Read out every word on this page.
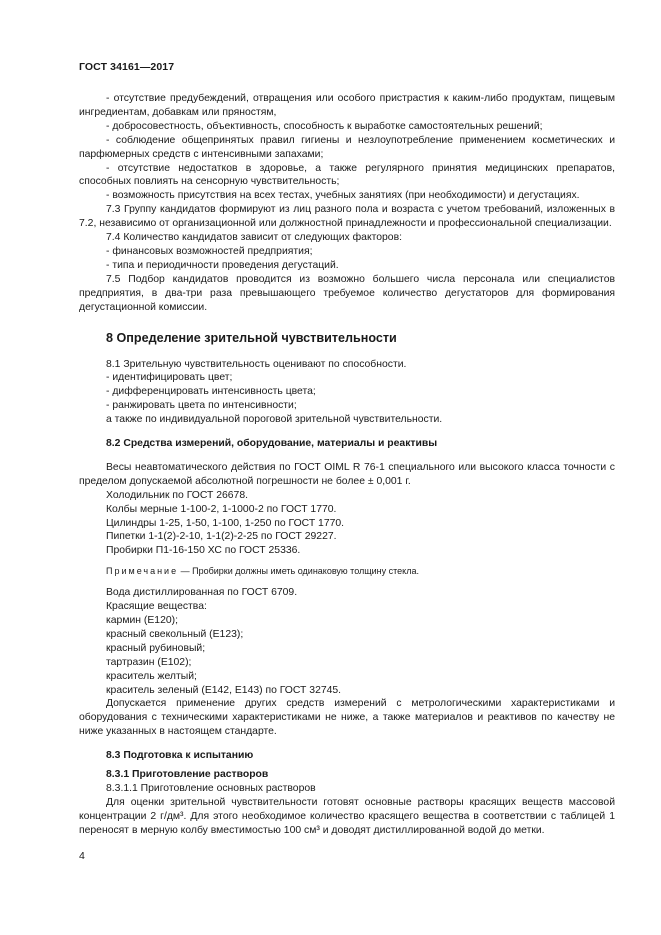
ГОСТ 34161—2017

- отсутствие предубеждений, отвращения или особого пристрастия к каким-либо продуктам, пищевым ингредиентам, добавкам или пряностям,

- добросовестность, объективность, способность к выработке самостоятельных решений;

- соблюдение общепринятых правил гигиены и незлоупотребление применением косметических и парфюмерных средств с интенсивными запахами;

- отсутствие недостатков в здоровье, а также регулярного принятия медицинских препаратов, способных повлиять на сенсорную чувствительность;

- возможность присутствия на всех тестах, учебных занятиях (при необходимости) и дегустациях.

7.3 Группу кандидатов формируют из лиц разного пола и возраста с учетом требований, изложенных в 7.2, независимо от организационной или должностной принадлежности и профессиональной специализации.

7.4 Количество кандидатов зависит от следующих факторов:

- финансовых возможностей предприятия;

- типа и периодичности проведения дегустаций.

7.5 Подбор кандидатов проводится из возможно большего числа персонала или специалистов предприятия, в два-три раза превышающего требуемое количество дегустаторов для формирования дегустационной комиссии.

8 Определение зрительной чувствительности

8.1 Зрительную чувствительность оценивают по способности.

- идентифицировать цвет;

- дифференцировать интенсивность цвета;

- ранжировать цвета по интенсивности;

а также по индивидуальной пороговой зрительной чувствительности.

8.2 Средства измерений, оборудование, материалы и реактивы

Весы неавтоматического действия по ГОСТ OIML R 76-1 специального или высокого класса точности с пределом допускаемой абсолютной погрешности не более ± 0,001 г.

Холодильник по ГОСТ 26678.

Колбы мерные 1-100-2, 1-1000-2 по ГОСТ 1770.

Цилиндры 1-25, 1-50, 1-100, 1-250 по ГОСТ 1770.

Пипетки 1-1(2)-2-10, 1-1(2)-2-25 по ГОСТ 29227.

Пробирки П1-16-150 ХС по ГОСТ 25336.

Примечание — Пробирки должны иметь одинаковую толщину стекла.

Вода дистиллированная по ГОСТ 6709.

Красящие вещества:

кармин (Е120);

красный свекольный (Е123);

красный рубиновый;

тартразин (Е102);

краситель желтый;

краситель зеленый (Е142, Е143) по ГОСТ 32745.

Допускается применение других средств измерений с метрологическими характеристиками и оборудования с техническими характеристиками не ниже, а также материалов и реактивов по качеству не ниже указанных в настоящем стандарте.

8.3 Подготовка к испытанию

8.3.1 Приготовление растворов

8.3.1.1 Приготовление основных растворов

Для оценки зрительной чувствительности готовят основные растворы красящих веществ массовой концентрации 2 г/дм³. Для этого необходимое количество красящего вещества в соответствии с таблицей 1 переносят в мерную колбу вместимостью 100 см³ и доводят дистиллированной водой до метки.

4
